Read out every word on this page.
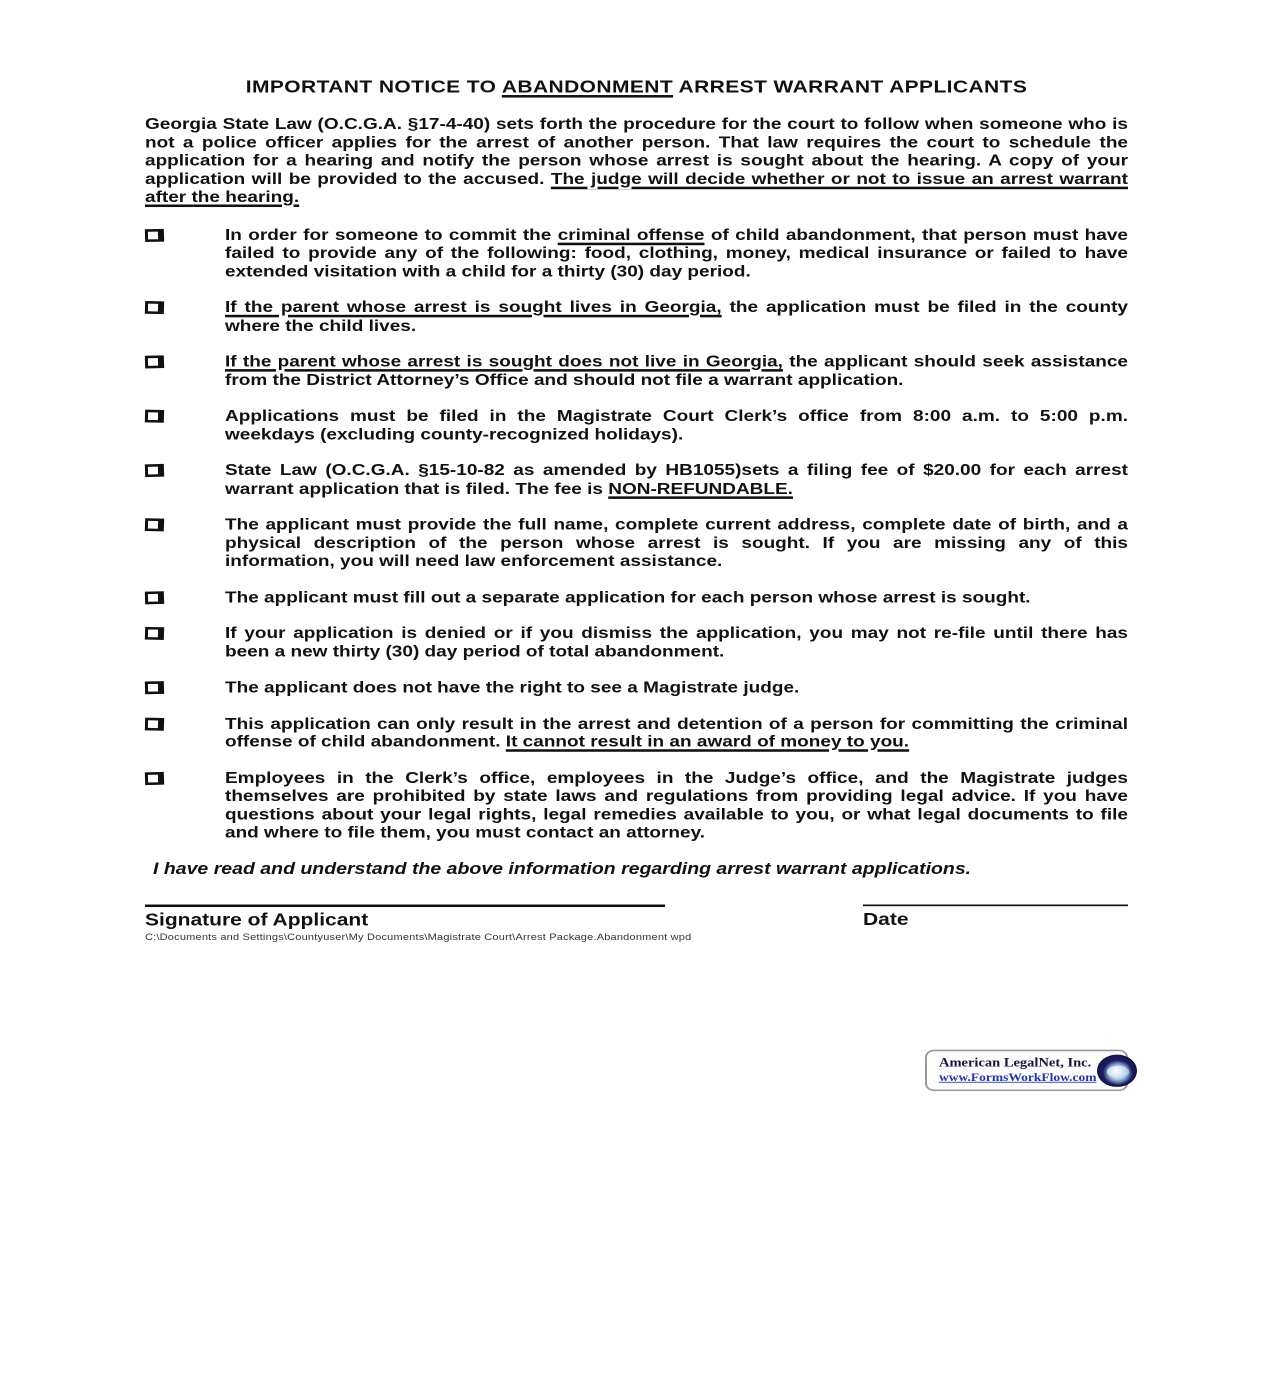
IMPORTANT NOTICE TO ABANDONMENT ARREST WARRANT APPLICANTS

Georgia State Law (O.C.G.A. §17-4-40) sets forth the procedure for the court to follow when someone who is not a police officer applies for the arrest of another person. That law requires the court to schedule the application for a hearing and notify the person whose arrest is sought about the hearing. A copy of your application will be provided to the accused. The judge will decide whether or not to issue an arrest warrant after the hearing.

In order for someone to commit the criminal offense of child abandonment, that person must have failed to provide any of the following: food, clothing, money, medical insurance or failed to have extended visitation with a child for a thirty (30) day period.
If the parent whose arrest is sought lives in Georgia, the application must be filed in the county where the child lives.
If the parent whose arrest is sought does not live in Georgia, the applicant should seek assistance from the District Attorney’s Office and should not file a warrant application.
Applications must be filed in the Magistrate Court Clerk’s office from 8:00 a.m. to 5:00 p.m. weekdays (excluding county-recognized holidays).
State Law (O.C.G.A. §15-10-82 as amended by HB1055)sets a filing fee of $20.00 for each arrest warrant application that is filed. The fee is NON-REFUNDABLE.
The applicant must provide the full name, complete current address, complete date of birth, and a physical description of the person whose arrest is sought. If you are missing any of this information, you will need law enforcement assistance.
The applicant must fill out a separate application for each person whose arrest is sought.
If your application is denied or if you dismiss the application, you may not re-file until there has been a new thirty (30) day period of total abandonment.
The applicant does not have the right to see a Magistrate judge.
This application can only result in the arrest and detention of a person for committing the criminal offense of child abandonment. It cannot result in an award of money to you.
Employees in the Clerk’s office, employees in the Judge’s office, and the Magistrate judges themselves are prohibited by state laws and regulations from providing legal advice. If you have questions about your legal rights, legal remedies available to you, or what legal documents to file and where to file them, you must contact an attorney.

I have read and understand the above information regarding arrest warrant applications.

Signature of Applicant
C:\Documents and Settings\Countyuser\My Documents\Magistrate Court\Arrest Package.Abandonment wpd
Date
American LegalNet, Inc.
www.FormsWorkFlow.com
